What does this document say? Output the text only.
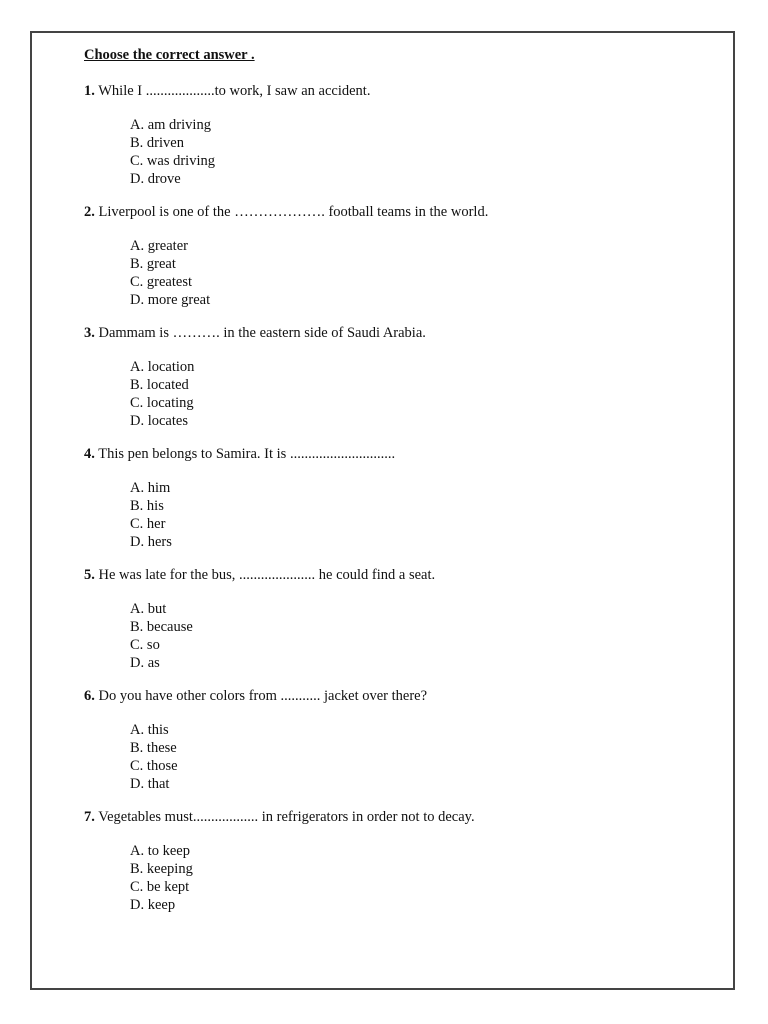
Choose the correct answer .
1. While I ...................to work, I saw an accident.
A. am driving
B. driven
C. was driving
D. drove
2. Liverpool is one of the ………………. football teams in the world.
A. greater
B. great
C. greatest
D. more great
3. Dammam is ………. in the eastern side of Saudi Arabia.
A. location
B. located
C. locating
D. locates
4. This pen belongs to Samira. It is .............................
A. him
B. his
C. her
D. hers
5. He was late for the bus, ..................... he could find a seat.
A. but
B. because
C. so
D. as
6. Do you have other colors from ........... jacket over there?
A. this
B. these
C. those
D. that
7. Vegetables must.................. in refrigerators in order not to decay.
A. to keep
B. keeping
C. be kept
D. keep
